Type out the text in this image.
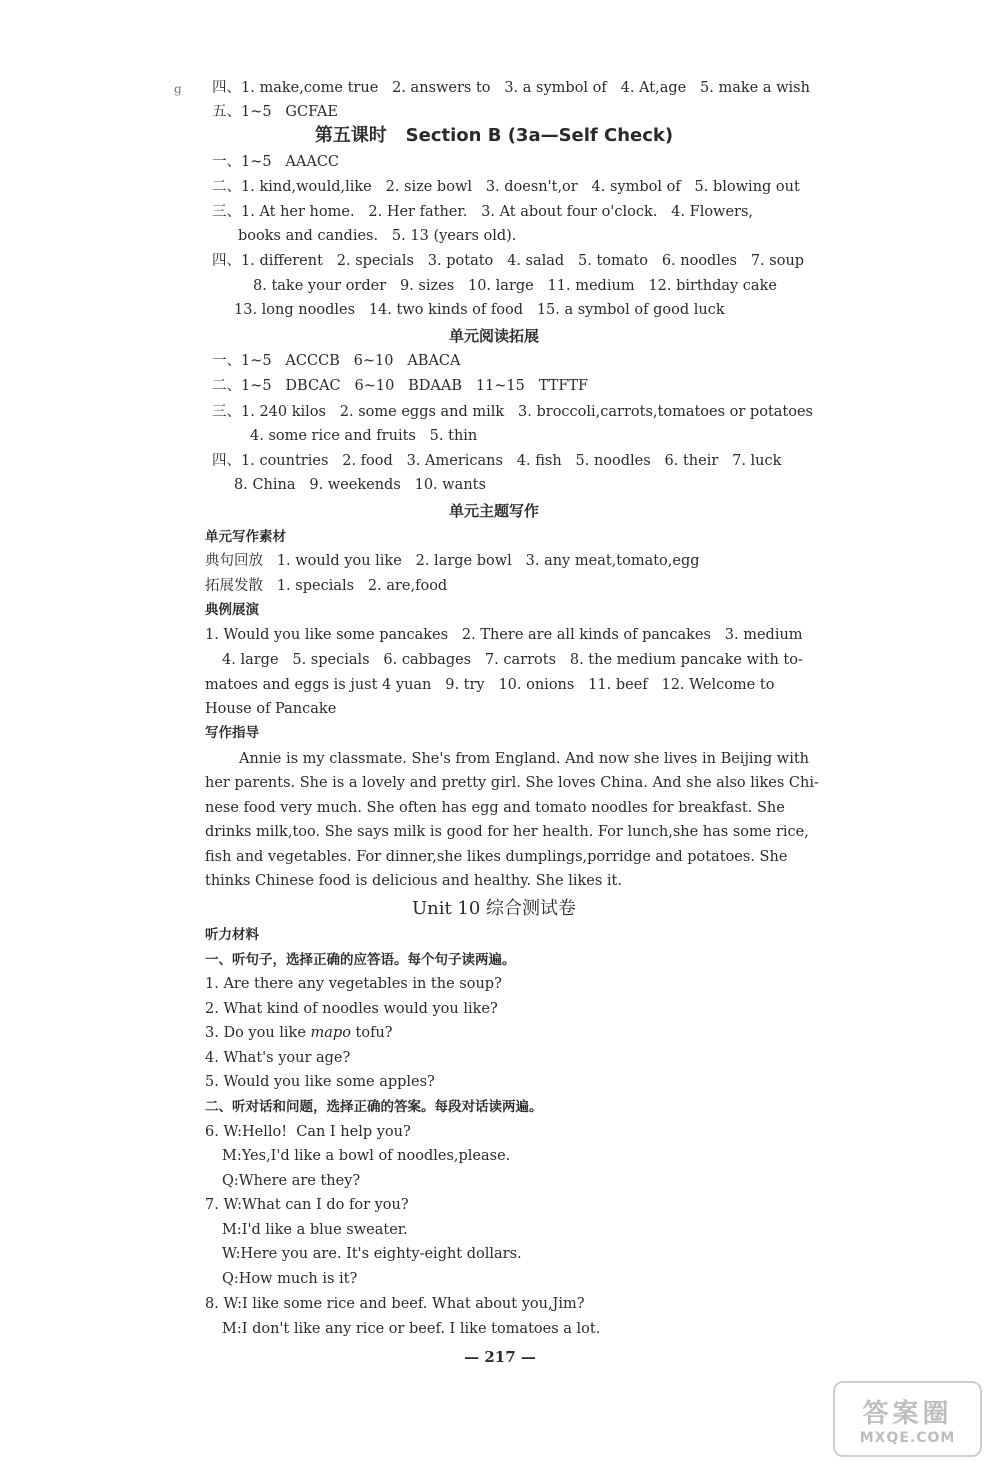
g 四、1. make,come true   2. answers to   3. a symbol of   4. At,age   5. make a wish
五、1~5   GCFAE
第五课时   Section B (3a—Self Check)
一、1~5   AAACC
二、1. kind,would,like   2. size bowl   3. doesn't,or   4. symbol of   5. blowing out
三、1. At her home.   2. Her father.   3. At about four o'clock.   4. Flowers,
books and candies.   5. 13 (years old).
四、1. different   2. specials   3. potato   4. salad   5. tomato   6. noodles   7. soup
8. take your order   9. sizes   10. large   11. medium   12. birthday cake
13. long noodles   14. two kinds of food   15. a symbol of good luck
单元阅读拓展
一、1~5   ACCCB   6~10   ABACA
二、1~5   DBCAC   6~10   BDAAB   11~15   TTFTF
三、1. 240 kilos   2. some eggs and milk   3. broccoli,carrots,tomatoes or potatoes
4. some rice and fruits   5. thin
四、1. countries   2. food   3. Americans   4. fish   5. noodles   6. their   7. luck
8. China   9. weekends   10. wants
单元主题写作
单元写作素材
典句回放   1. would you like   2. large bowl   3. any meat,tomato,egg
拓展发散   1. specials   2. are,food
典例展演
1. Would you like some pancakes   2. There are all kinds of pancakes   3. medium
4. large   5. specials   6. cabbages   7. carrots   8. the medium pancake with to-
matoes and eggs is just 4 yuan   9. try   10. onions   11. beef   12. Welcome to
House of Pancake
写作指导
Annie is my classmate. She's from England. And now she lives in Beijing with
her parents. She is a lovely and pretty girl. She loves China. And she also likes Chi-
nese food very much. She often has egg and tomato noodles for breakfast. She
drinks milk,too. She says milk is good for her health. For lunch,she has some rice,
fish and vegetables. For dinner,she likes dumplings,porridge and potatoes. She
thinks Chinese food is delicious and healthy. She likes it.
Unit 10 综合测试卷
听力材料
一、听句子，选择正确的应答语。每个句子读两遍。
1. Are there any vegetables in the soup?
2. What kind of noodles would you like?
3. Do you like mapo tofu?
4. What's your age?
5. Would you like some apples?
二、听对话和问题，选择正确的答案。每段对话读两遍。
6. W:Hello!  Can I help you?
M:Yes,I'd like a bowl of noodles,please.
Q:Where are they?
7. W:What can I do for you?
M:I'd like a blue sweater.
W:Here you are. It's eighty-eight dollars.
Q:How much is it?
8. W:I like some rice and beef. What about you,Jim?
M:I don't like any rice or beef. I like tomatoes a lot.
— 217 —
答案圈
MXQE.COM
